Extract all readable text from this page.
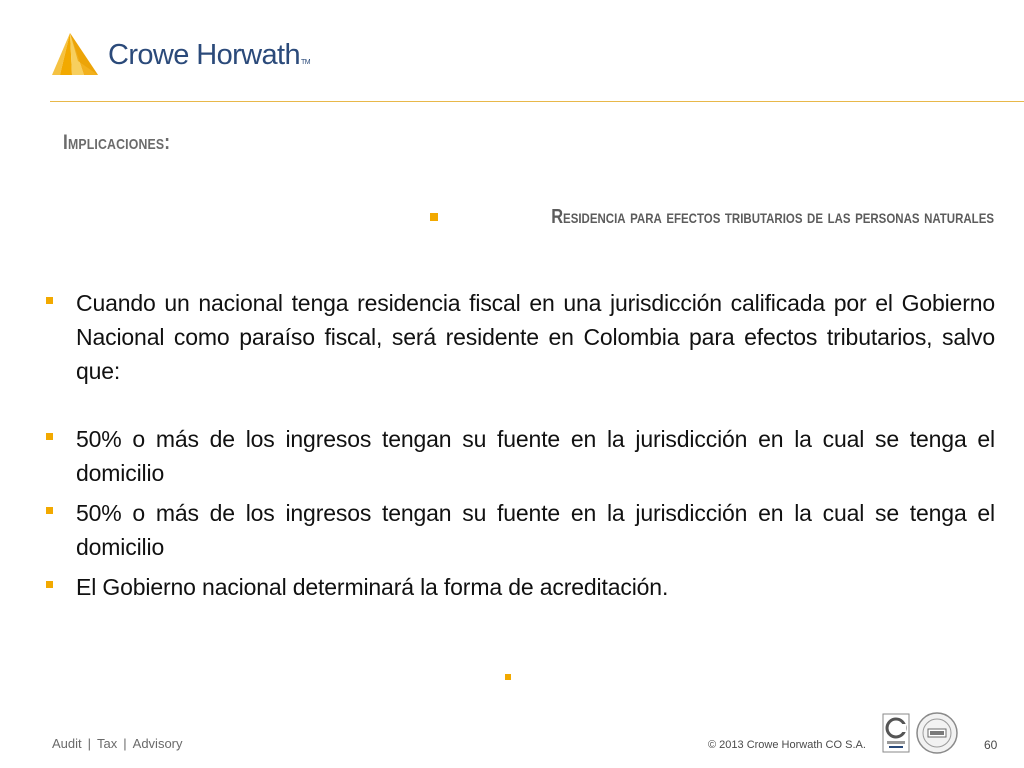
Crowe HorwathTM
Implicaciones:
Residencia para efectos tributarios de las personas naturales
Cuando un nacional tenga residencia fiscal en una jurisdicción calificada por el Gobierno Nacional como paraíso fiscal, será residente en Colombia para efectos tributarios, salvo que:
50% o más de los ingresos tengan su fuente en la jurisdicción en la cual se tenga el domicilio
50% o más de los ingresos tengan su fuente en la jurisdicción en la cual se tenga el domicilio
El Gobierno nacional determinará la forma de acreditación.
Audit | Tax | Advisory	© 2013 Crowe Horwath CO S.A.	60
